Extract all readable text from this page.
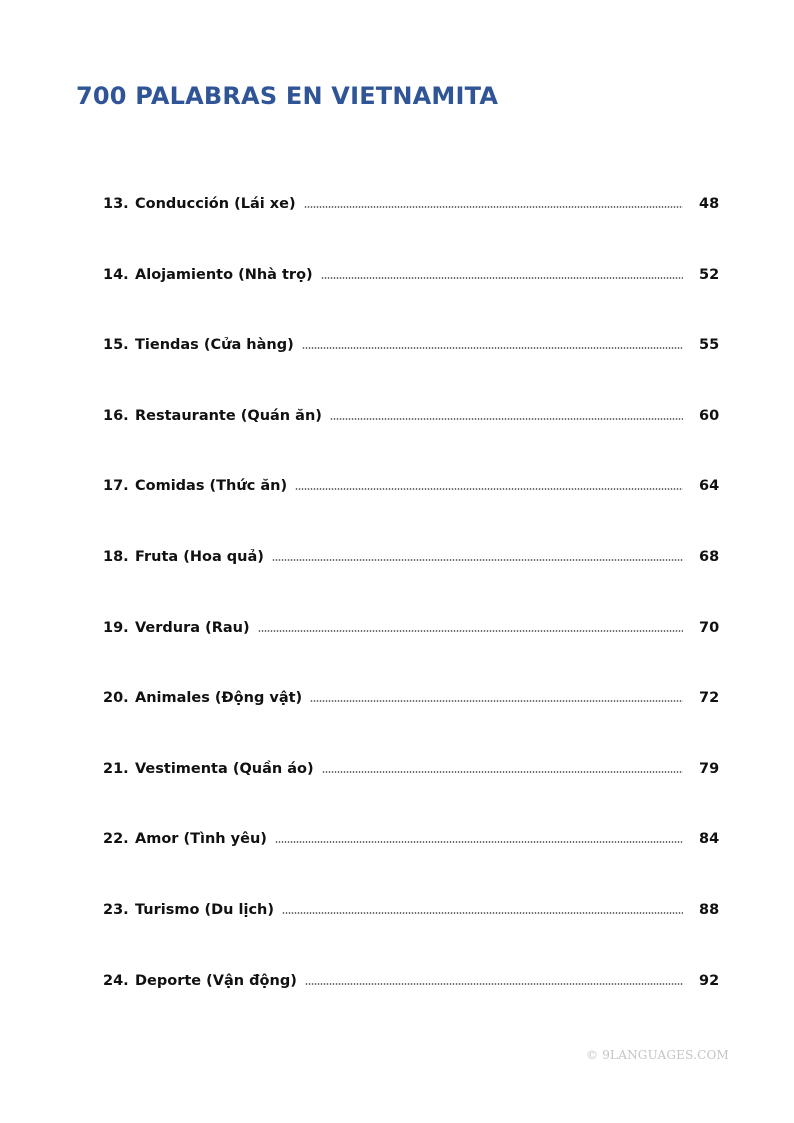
700 PALABRAS EN VIETNAMITA
13. Conducción (Lái xe)	48
14. Alojamiento (Nhà trọ)	52
15. Tiendas (Cửa hàng)	55
16. Restaurante (Quán ăn)	60
17. Comidas (Thức ăn)	64
18. Fruta (Hoa quả)	68
19. Verdura (Rau)	70
20. Animales (Động vật)	72
21. Vestimenta (Quần áo)	79
22. Amor (Tình yêu)	84
23. Turismo (Du lịch)	88
24. Deporte (Vận động)	92
© 9LANGUAGES.COM
